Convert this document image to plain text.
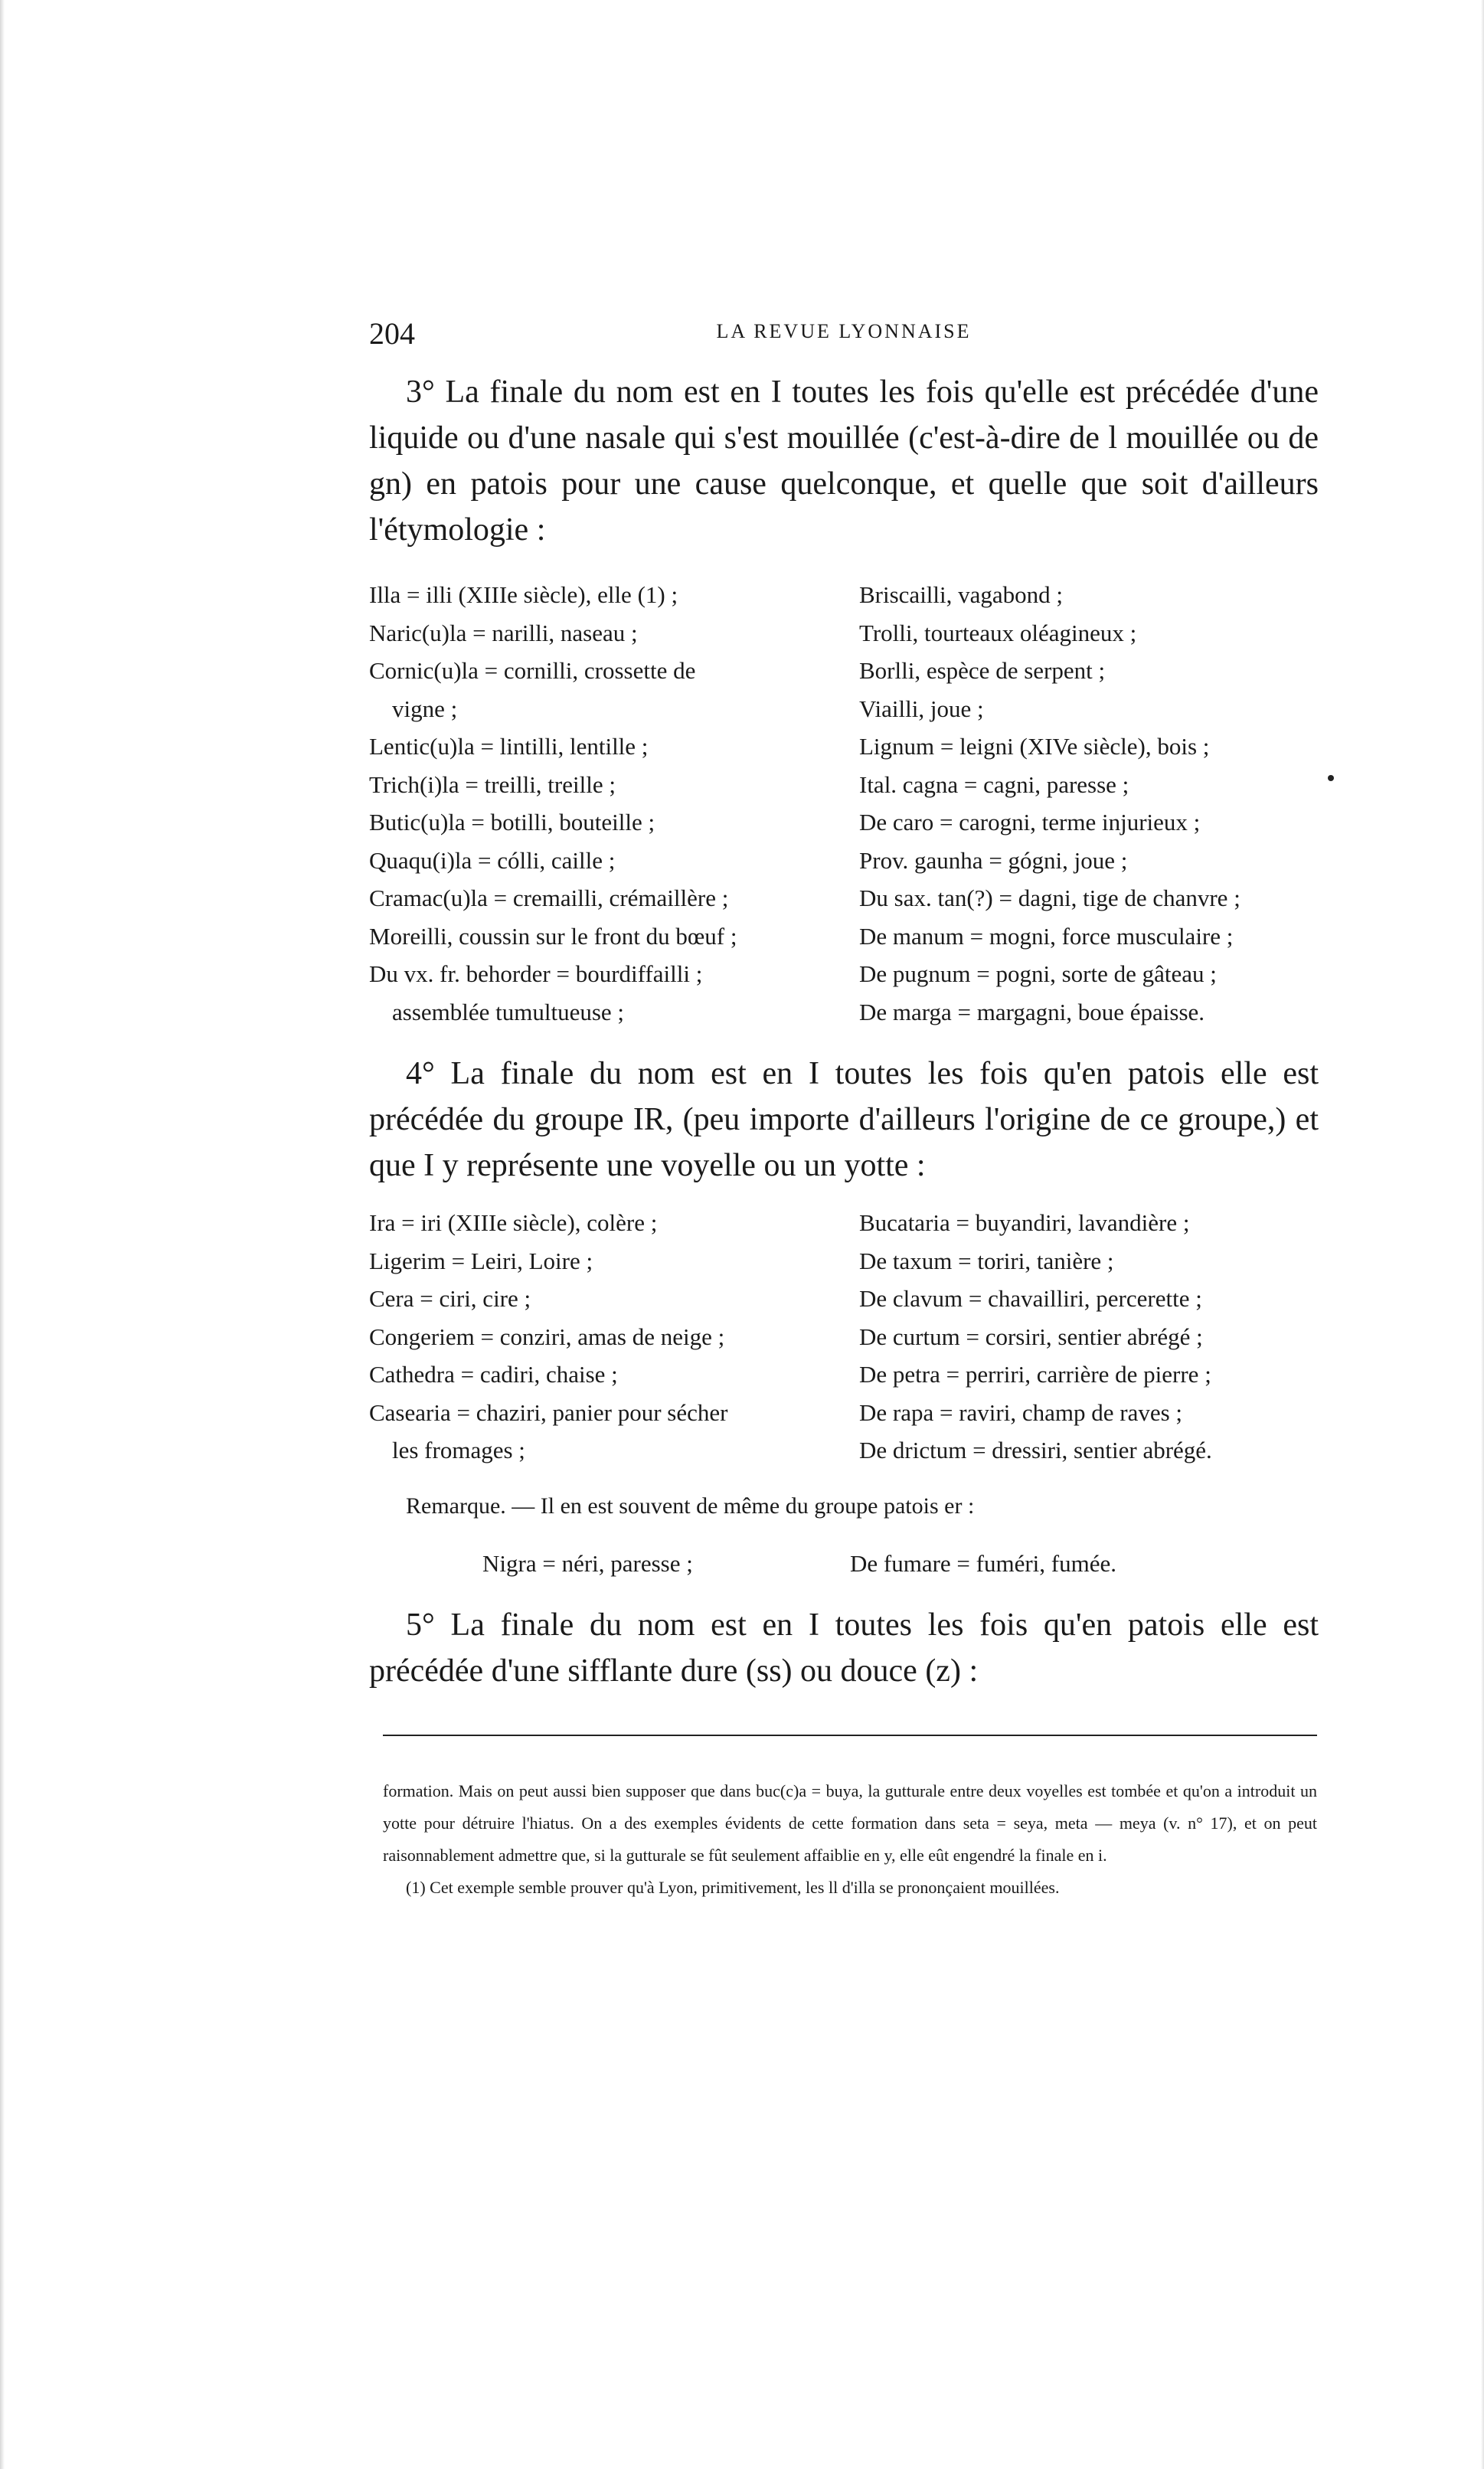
204	LA REVUE LYONNAISE
3° La finale du nom est en I toutes les fois qu'elle est précédée d'une liquide ou d'une nasale qui s'est mouillée (c'est-à-dire de l mouillée ou de gn) en patois pour une cause quelconque, et quelle que soit d'ailleurs l'étymologie :
Illa = illi (XIIIe siècle), elle (1) ;
Naric(u)la = narilli, naseau ;
Cornic(u)la = cornilli, crossette de
vigne ;
Lentic(u)la = lintilli, lentille ;
Trich(i)la = treilli, treille ;
Butic(u)la = botilli, bouteille ;
Quaqu(i)la = cólli, caille ;
Cramac(u)la = cremailli, crémaillère ;
Moreilli, coussin sur le front du bœuf ;
Du vx. fr. behorder = bourdiffailli ;
assemblée tumultueuse ;
Briscailli, vagabond ;
Trolli, tourteaux oléagineux ;
Borlli, espèce de serpent ;
Viailli, joue ;
Lignum = leigni (XIVe siècle), bois ;
Ital. cagna = cagni, paresse ;
De caro = carogni, terme injurieux ;
Prov. gaunha = gógni, joue ;
Du sax. tan(?) = dagni, tige de chanvre ;
De manum = mogni, force musculaire ;
De pugnum = pogni, sorte de gâteau ;
De marga = margagni, boue épaisse.
4° La finale du nom est en I toutes les fois qu'en patois elle est précédée du groupe IR, (peu importe d'ailleurs l'origine de ce groupe,) et que I y représente une voyelle ou un yotte :
Ira = iri (XIIIe siècle), colère ;
Ligerim = Leiri, Loire ;
Cera = ciri, cire ;
Congeriem = conziri, amas de neige ;
Cathedra = cadiri, chaise ;
Casearia = chaziri, panier pour sécher
les fromages ;
Bucataria = buyandiri, lavandière ;
De taxum = toriri, tanière ;
De clavum = chavailliri, percerette ;
De curtum = corsiri, sentier abrégé ;
De petra = perriri, carrière de pierre ;
De rapa = raviri, champ de raves ;
De drictum = dressiri, sentier abrégé.
Remarque. — Il en est souvent de même du groupe patois er :
Nigra = néri, paresse ;	De fumare = fuméri, fumée.
5° La finale du nom est en I toutes les fois qu'en patois elle est précédée d'une sifflante dure (ss) ou douce (z) :
formation. Mais on peut aussi bien supposer que dans buc(c)a = buya, la gutturale entre deux voyelles est tombée et qu'on a introduit un yotte pour détruire l'hiatus. On a des exemples évidents de cette formation dans seta = seya, meta — meya (v. n° 17), et on peut raisonnablement admettre que, si la gutturale se fût seulement affaiblie en y, elle eût engendré la finale en i.
(1) Cet exemple semble prouver qu'à Lyon, primitivement, les ll d'illa se prononçaient mouillées.
